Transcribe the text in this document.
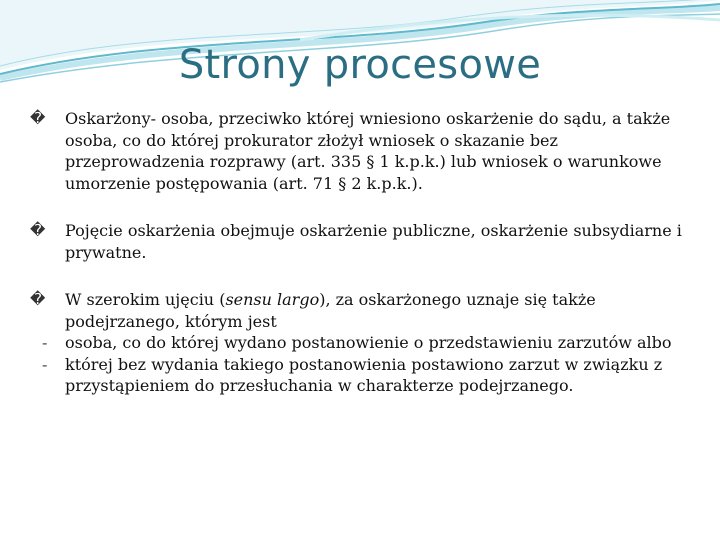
Strony procesowe
�	Oskarżony- osoba, przeciwko której wniesiono oskarżenie do sądu, a także osoba, co do której prokurator złożył wniosek o skazanie bez przeprowadzenia rozprawy (art. 335 § 1 k.p.k.) lub wniosek o warunkowe umorzenie postępowania (art. 71 § 2 k.p.k.).
�	Pojęcie oskarżenia obejmuje oskarżenie publiczne, oskarżenie subsydiarne i prywatne.
�	W szerokim ujęciu (sensu largo), za oskarżonego uznaje się także podejrzanego, którym jest
-	osoba, co do której wydano postanowienie o przedstawieniu zarzutów albo
-	której bez wydania takiego postanowienia postawiono zarzut w związku z przystąpieniem do przesłuchania w charakterze podejrzanego.
